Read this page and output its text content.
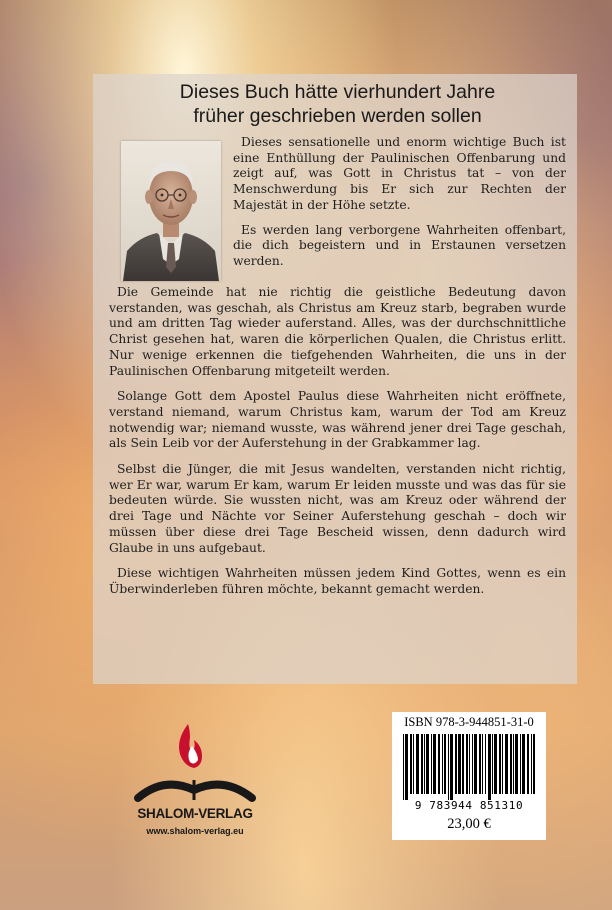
Dieses Buch hätte vierhundert Jahre
früher geschrieben werden sollen

Dieses sensationelle und enorm wichtige Buch ist eine Enthüllung der Paulinischen Offenbarung und zeigt auf, was Gott in Christus tat – von der Menschwerdung bis Er sich zur Rechten der Majestät in der Höhe setzte.

Es werden lang verborgene Wahrheiten offenbart, die dich begeistern und in Erstaunen versetzen werden.

Die Gemeinde hat nie richtig die geistliche Bedeutung davon verstanden, was geschah, als Christus am Kreuz starb, begraben wurde und am dritten Tag wieder auferstand. Alles, was der durchschnittliche Christ gesehen hat, waren die körperlichen Qualen, die Christus erlitt. Nur wenige erkennen die tiefgehenden Wahrheiten, die uns in der Paulinischen Offenbarung mitgeteilt werden.

Solange Gott dem Apostel Paulus diese Wahrheiten nicht eröffnete, verstand niemand, warum Christus kam, warum der Tod am Kreuz notwendig war; niemand wusste, was während jener drei Tage geschah, als Sein Leib vor der Auferstehung in der Grabkammer lag.

Selbst die Jünger, die mit Jesus wandelten, verstanden nicht richtig, wer Er war, warum Er kam, warum Er leiden musste und was das für sie bedeuten würde. Sie wussten nicht, was am Kreuz oder während der drei Tage und Nächte vor Seiner Auferstehung geschah – doch wir müssen über diese drei Tage Bescheid wissen, denn dadurch wird Glaube in uns aufgebaut.

Diese wichtigen Wahrheiten müssen jedem Kind Gottes, wenn es ein Überwinderleben führen möchte, bekannt gemacht werden.

SHALOM-VERLAG
www.shalom-verlag.eu
ISBN 978-3-944851-31-0
9 783944 851310
23,00 €
